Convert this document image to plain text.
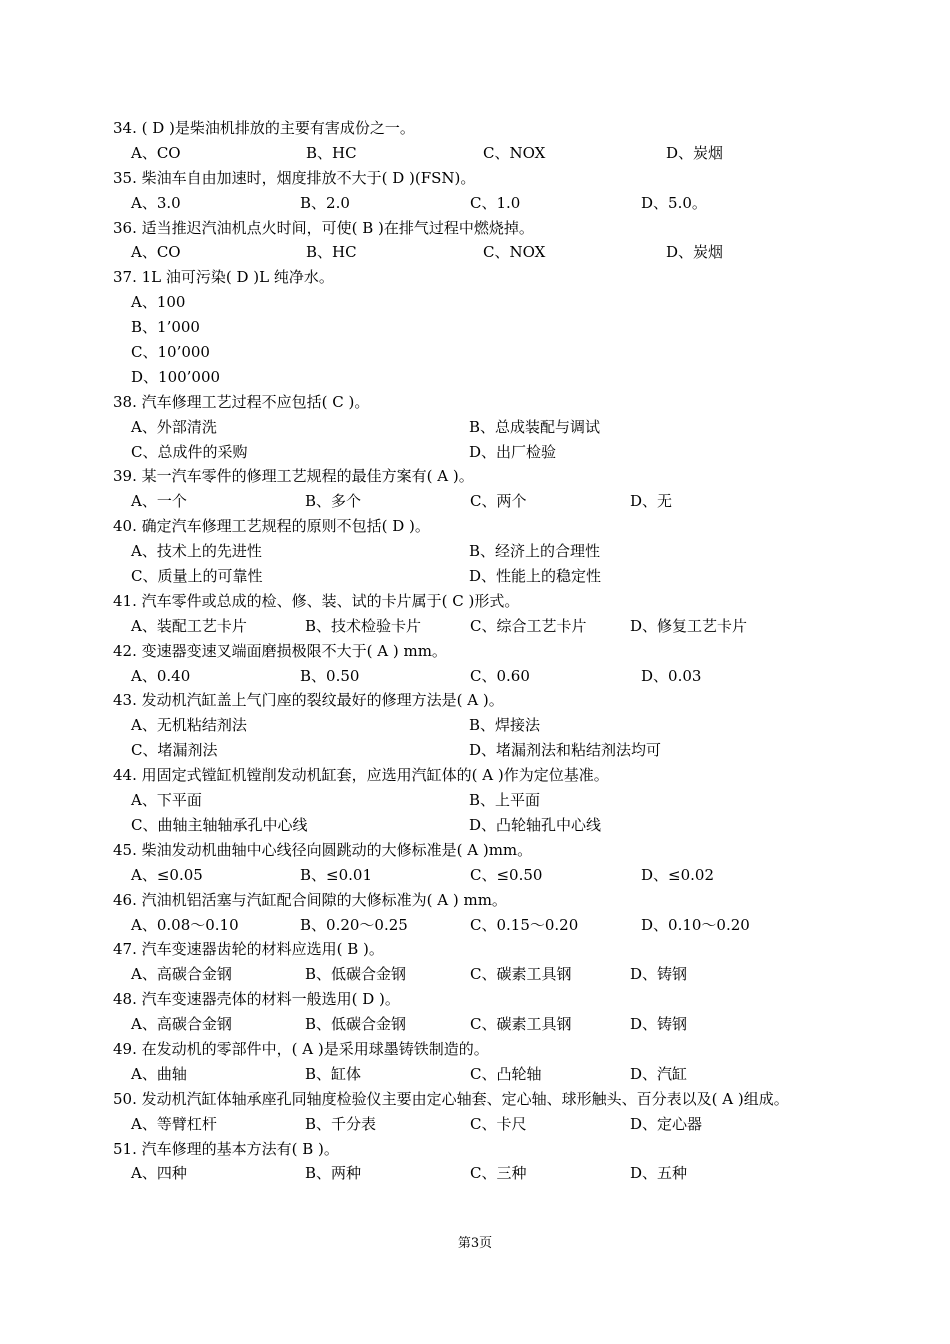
34. ( D )是柴油机排放的主要有害成份之一。
A、CO	B、HC	C、NOX	D、炭烟
35. 柴油车自由加速时，烟度排放不大于( D )(FSN)。
A、3.0	B、2.0	C、1.0	D、5.0。
36. 适当推迟汽油机点火时间，可使( B )在排气过程中燃烧掉。
A、CO	B、HC	C、NOX	D、炭烟
37. 1L 油可污染( D )L 纯净水。
A、100
B、1’000
C、10’000
D、100’000
38. 汽车修理工艺过程不应包括( C )。
A、外部清洗	B、总成装配与调试
C、总成件的采购	D、出厂检验
39. 某一汽车零件的修理工艺规程的最佳方案有( A )。
A、一个	B、多个	C、两个	D、无
40. 确定汽车修理工艺规程的原则不包括( D )。
A、技术上的先进性	B、经济上的合理性
C、质量上的可靠性	D、性能上的稳定性
41. 汽车零件或总成的检、修、装、试的卡片属于( C )形式。
A、装配工艺卡片	B、技术检验卡片	C、综合工艺卡片	D、修复工艺卡片
42. 变速器变速叉端面磨损极限不大于( A ) mm。
A、0.40	B、0.50	C、0.60	D、0.03
43. 发动机汽缸盖上气门座的裂纹最好的修理方法是( A )。
A、无机粘结剂法	B、焊接法
C、堵漏剂法	D、堵漏剂法和粘结剂法均可
44. 用固定式镗缸机镗削发动机缸套，应选用汽缸体的( A )作为定位基准。
A、下平面	B、上平面
C、曲轴主轴轴承孔中心线	D、凸轮轴孔中心线
45. 柴油发动机曲轴中心线径向圆跳动的大修标准是( A )mm。
A、≤0.05	B、≤0.01	C、≤0.50	D、≤0.02
46. 汽油机铝活塞与汽缸配合间隙的大修标准为( A ) mm。
A、0.08～0.10	B、0.20～0.25	C、0.15～0.20	D、0.10～0.20
47. 汽车变速器齿轮的材料应选用( B )。
A、高碳合金钢	B、低碳合金钢	C、碳素工具钢	D、铸钢
48. 汽车变速器壳体的材料一般选用( D )。
A、高碳合金钢	B、低碳合金钢	C、碳素工具钢	D、铸钢
49. 在发动机的零部件中，( A )是采用球墨铸铁制造的。
A、曲轴	B、缸体	C、凸轮轴	D、汽缸
50. 发动机汽缸体轴承座孔同轴度检验仪主要由定心轴套、定心轴、球形触头、百分表以及( A )组成。
A、等臂杠杆	B、千分表	C、卡尺	D、定心器
51. 汽车修理的基本方法有( B )。
A、四种	B、两种	C、三种	D、五种
第3页
